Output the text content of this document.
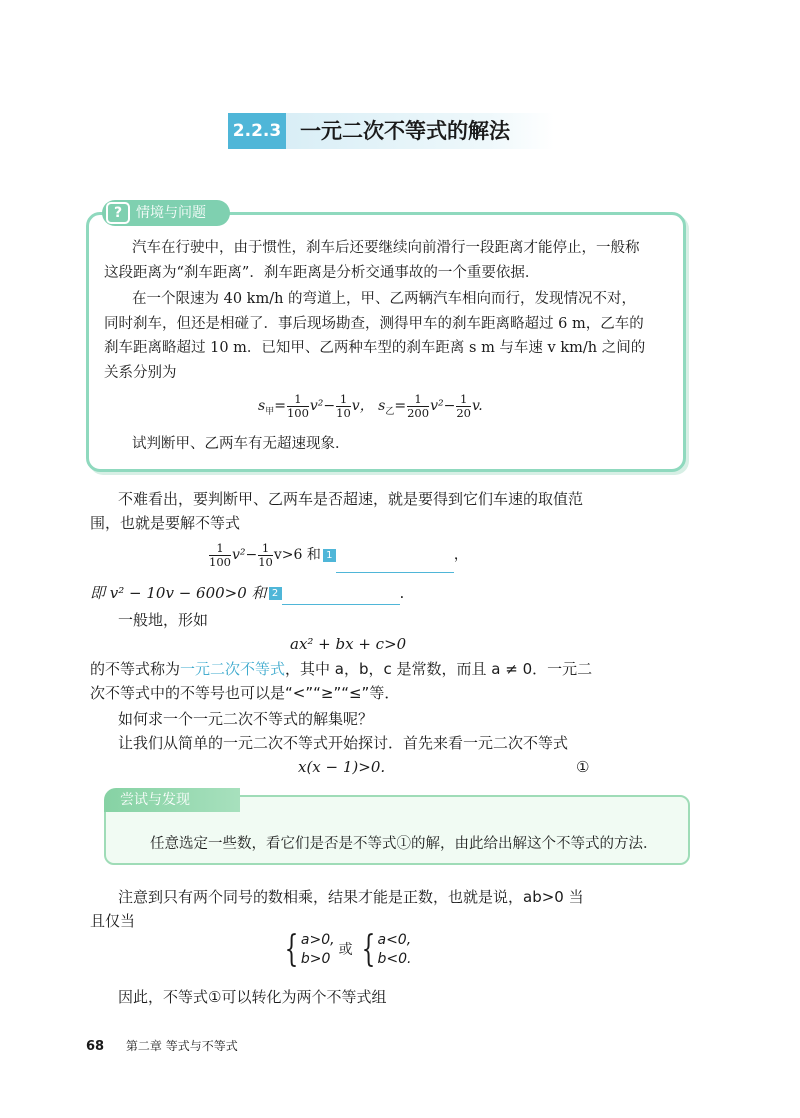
2.2.3 一元二次不等式的解法
? 情境与问题

汽车在行驶中，由于惯性，刹车后还要继续向前滑行一段距离才能停止，一般称

这段距离为“刹车距离”．刹车距离是分析交通事故的一个重要依据．

在一个限速为 40 km/h 的弯道上，甲、乙两辆汽车相向而行，发现情况不对，

同时刹车，但还是相碰了．事后现场勘查，测得甲车的刹车距离略超过 6 m，乙车的

刹车距离略超过 10 m．已知甲、乙两种车型的刹车距离 s m 与车速 v km/h 之间的

关系分别为

$s_甲= \frac{1}{100} v^2- \frac{1}{10}$ v， $s_乙= \frac{1}{200} v^2- \frac{1}{20} v$.

试判断甲、乙两车有无超速现象．

不难看出，要判断甲、乙两车是否超速，就是要得到它们车速的取值范

围，也就是要解不等式

$\frac{1}{100} v^2- \frac{1}{10} v>6$ 和 1	，
即 v² − 10v − 600>0 和 2	.

一般地，形如

ax² + bx + c>0

的不等式称为一元二次不等式，其中 a，b，c 是常数，而且 a ≠ 0．一元二

次不等式中的不等号也可以是“<”“≥”“≤”等．

如何求一个一元二次不等式的解集呢？

让我们从简单的一元二次不等式开始探讨．首先来看一元二次不等式

x(x − 1)>0.	①

尝试与发现

任意选定一些数，看它们是否是不等式①的解，由此给出解这个不等式的方法．

注意到只有两个同号的数相乘，结果才能是正数，也就是说，ab>0 当

且仅当

{ a>0,
b>0
或 { a<0,
b<0.

因此，不等式①可以转化为两个不等式组

68 第二章 等式与不等式
